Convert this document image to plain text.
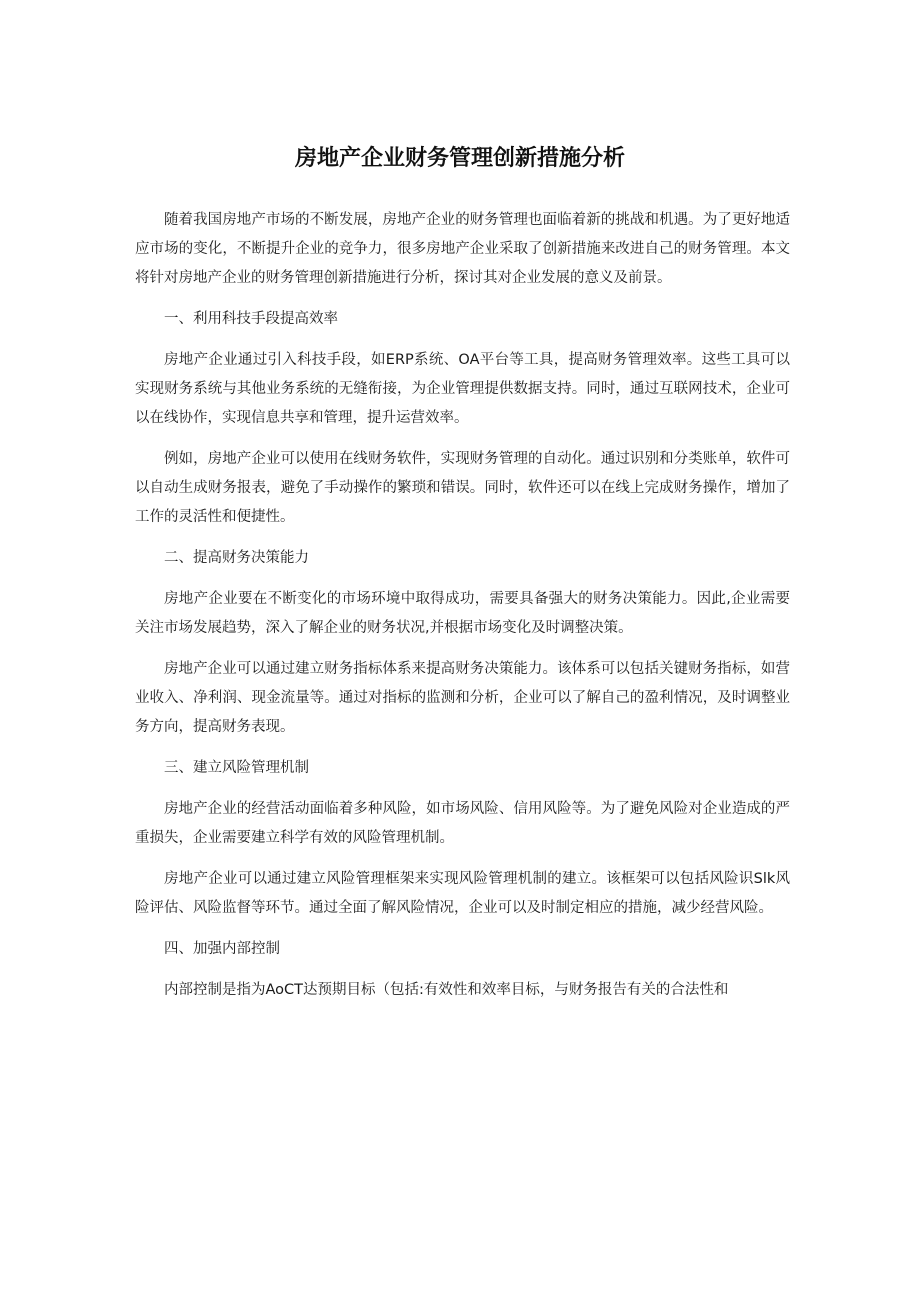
房地产企业财务管理创新措施分析

随着我国房地产市场的不断发展，房地产企业的财务管理也面临着新的挑战和机遇。为了更好地适应市场的变化，不断提升企业的竞争力，很多房地产企业采取了创新措施来改进自己的财务管理。本文将针对房地产企业的财务管理创新措施进行分析，探讨其对企业发展的意义及前景。

一、利用科技手段提高效率

房地产企业通过引入科技手段，如ERP系统、OA平台等工具，提高财务管理效率。这些工具可以实现财务系统与其他业务系统的无缝衔接，为企业管理提供数据支持。同时，通过互联网技术，企业可以在线协作，实现信息共享和管理，提升运营效率。

例如，房地产企业可以使用在线财务软件，实现财务管理的自动化。通过识别和分类账单，软件可以自动生成财务报表，避免了手动操作的繁琐和错误。同时，软件还可以在线上完成财务操作，增加了工作的灵活性和便捷性。

二、提高财务决策能力

房地产企业要在不断变化的市场环境中取得成功，需要具备强大的财务决策能力。因此,企业需要关注市场发展趋势，深入了解企业的财务状况,并根据市场变化及时调整决策。

房地产企业可以通过建立财务指标体系来提高财务决策能力。该体系可以包括关键财务指标，如营业收入、净利润、现金流量等。通过对指标的监测和分析，企业可以了解自己的盈利情况，及时调整业务方向，提高财务表现。

三、建立风险管理机制

房地产企业的经营活动面临着多种风险，如市场风险、信用风险等。为了避免风险对企业造成的严重损失，企业需要建立科学有效的风险管理机制。

房地产企业可以通过建立风险管理框架来实现风险管理机制的建立。该框架可以包括风险识Slk风险评估、风险监督等环节。通过全面了解风险情况，企业可以及时制定相应的措施，减少经营风险。

四、加强内部控制

内部控制是指为AoCT达预期目标（包括:有效性和效率目标，与财务报告有关的合法性和
